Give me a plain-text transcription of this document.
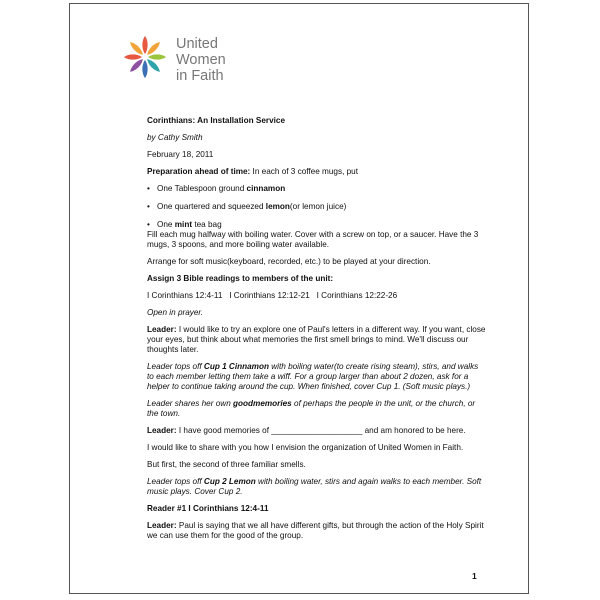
United
Women
in Faith

Corinthians: An Installation Service

by Cathy Smith

February 18, 2011

Preparation ahead of time: In each of 3 coffee mugs, put

• One Tablespoon ground cinnamon
• One quartered and squeezed lemon(or lemon juice)
• One mint tea bag

Fill each mug halfway with boiling water. Cover with a screw on top, or a saucer. Have the 3 mugs, 3 spoons, and more boiling water available.

Arrange for soft music(keyboard, recorded, etc.) to be played at your direction.

Assign 3 Bible readings to members of the unit:

I Corinthians 12:4-11   I Corinthians 12:12-21   I Corinthians 12:22-26

Open in prayer.

Leader: I would like to try an explore one of Paul's letters in a different way. If you want, close your eyes, but think about what memories the first smell brings to mind. We'll discuss our thoughts later.

Leader tops off Cup 1 Cinnamon with boiling water(to create rising steam), stirs, and walks to each member letting them take a wiff. For a group larger than about 2 dozen, ask for a helper to continue taking around the cup. When finished, cover Cup 1. (Soft music plays.)

Leader shares her own goodmemories of perhaps the people in the unit, or the church, or the town.

Leader: I have good memories of ____________________ and am honored to be here.

I would like to share with you how I envision the organization of United Women in Faith.

But first, the second of three familiar smells.

Leader tops off Cup 2 Lemon with boiling water, stirs and again walks to each member. Soft music plays. Cover Cup 2.

Reader #1 I Corinthians 12:4-11

Leader: Paul is saying that we all have different gifts, but through the action of the Holy Spirit we can use them for the good of the group.

1
